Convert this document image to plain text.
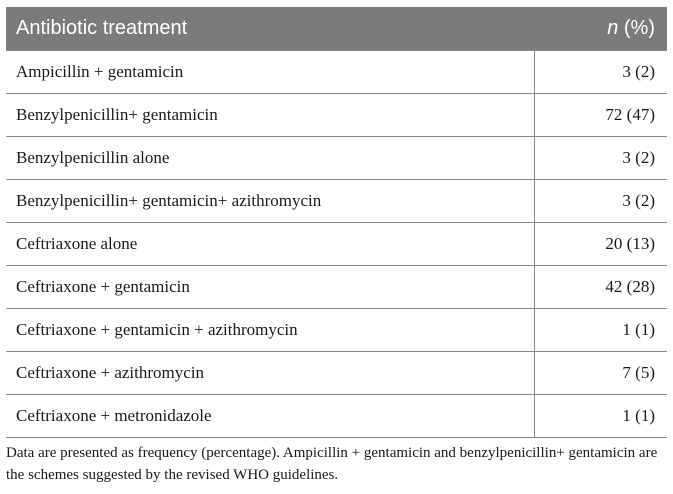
Antibiotic treatment	n (%)
Ampicillin + gentamicin	3 (2)
Benzylpenicillin+ gentamicin	72 (47)
Benzylpenicillin alone	3 (2)
Benzylpenicillin+ gentamicin+ azithromycin	3 (2)
Ceftriaxone alone	20 (13)
Ceftriaxone + gentamicin	42 (28)
Ceftriaxone + gentamicin + azithromycin	1 (1)
Ceftriaxone + azithromycin	7 (5)
Ceftriaxone + metronidazole	1 (1)
Data are presented as frequency (percentage). Ampicillin + gentamicin and benzylpenicillin+ gentamicin are the schemes suggested by the revised WHO guidelines.
